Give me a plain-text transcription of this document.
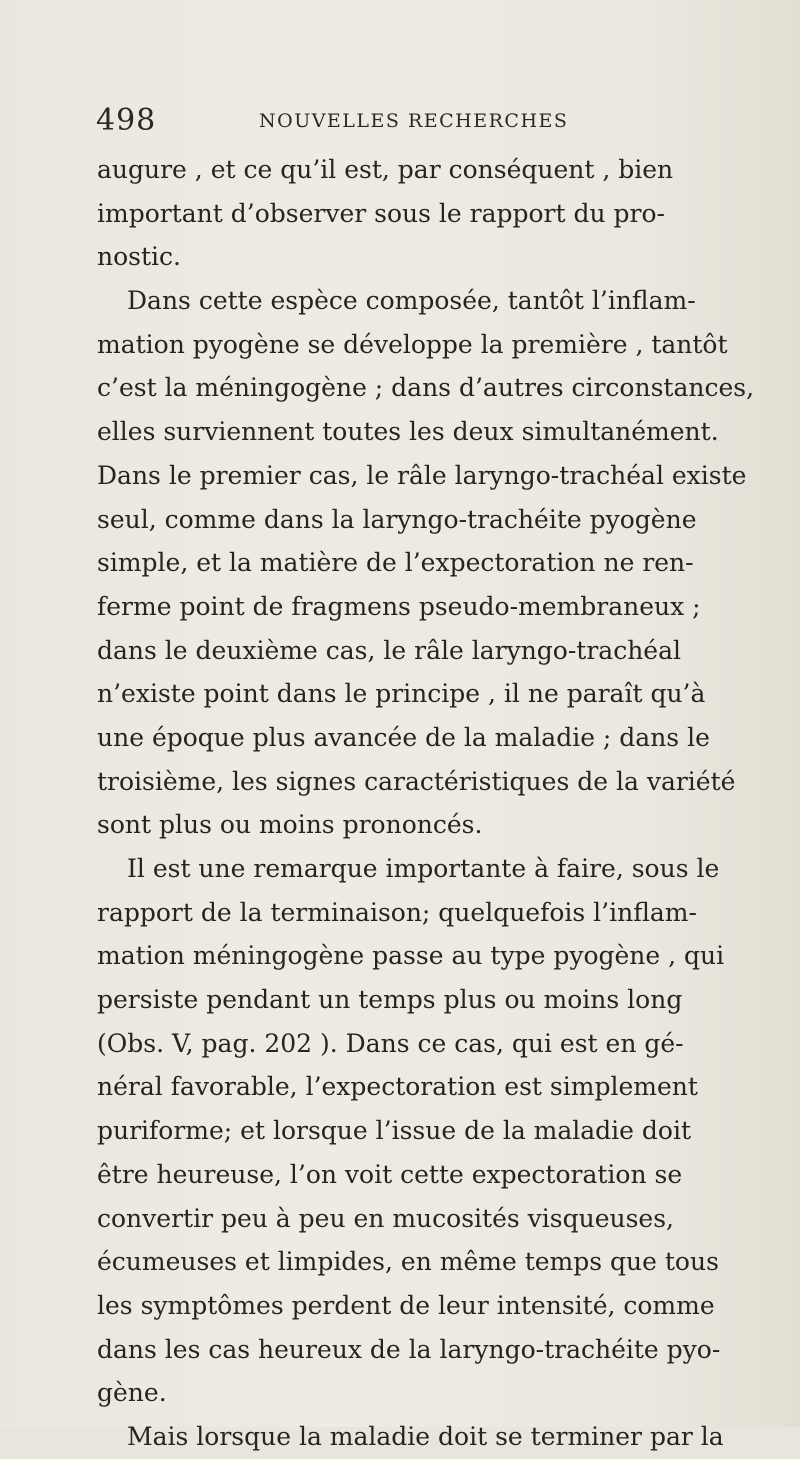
498	NOUVELLES RECHERCHES
augure , et ce qu’il est, par conséquent , bien
important d’observer sous le rapport du pro-
nostic.
Dans cette espèce composée, tantôt l’inflam-
mation pyogène se développe la première , tantôt
c’est la méningogène ; dans d’autres circonstances,
elles surviennent toutes les deux simultanément.
Dans le premier cas, le râle laryngo-trachéal existe
seul, comme dans la laryngo-trachéite pyogène
simple, et la matière de l’expectoration ne ren-
ferme point de fragmens pseudo-membraneux ;
dans le deuxième cas, le râle laryngo-trachéal
n’existe point dans le principe , il ne paraît qu’à
une époque plus avancée de la maladie ; dans le
troisième, les signes caractéristiques de la variété
sont plus ou moins prononcés.
Il est une remarque importante à faire, sous le
rapport de la terminaison; quelquefois l’inflam-
mation méningogène passe au type pyogène , qui
persiste pendant un temps plus ou moins long
(Obs. V, pag. 202 ). Dans ce cas, qui est en gé-
néral favorable, l’expectoration est simplement
puriforme; et lorsque l’issue de la maladie doit
être heureuse, l’on voit cette expectoration se
convertir peu à peu en mucosités visqueuses,
écumeuses et limpides, en même temps que tous
les symptômes perdent de leur intensité, comme
dans les cas heureux de la laryngo-trachéite pyo-
gène.
Mais lorsque la maladie doit se terminer par la
